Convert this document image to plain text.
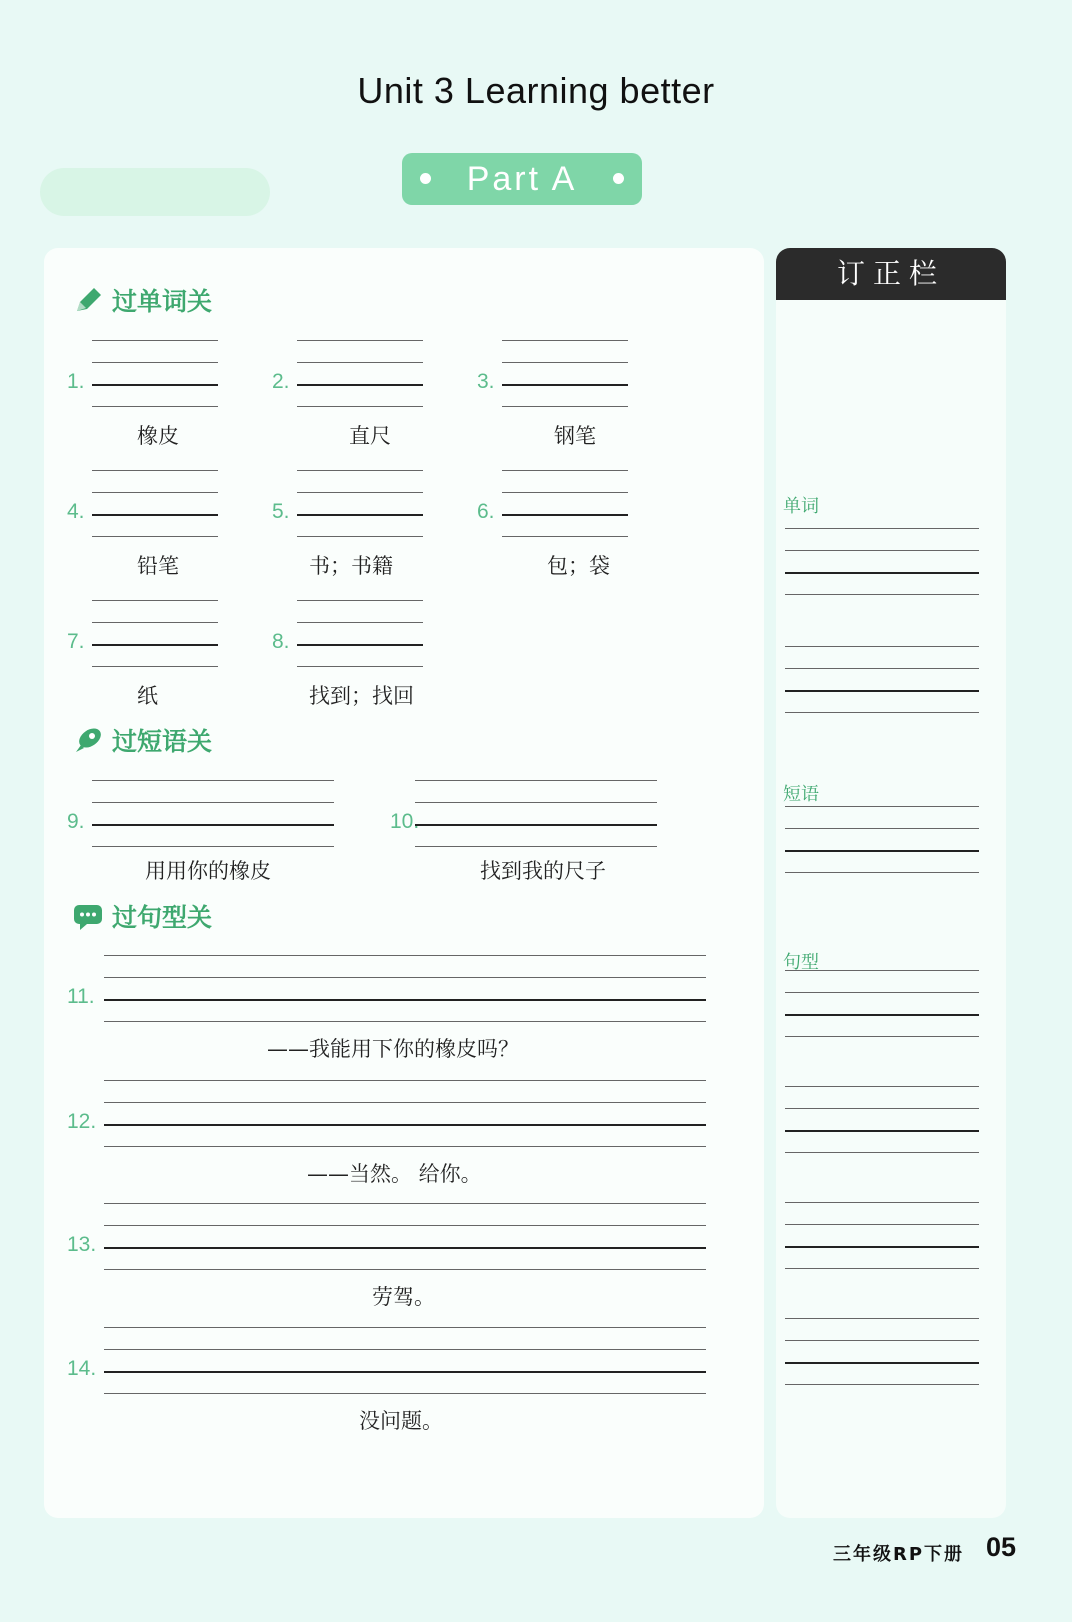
Unit 3 Learning better
Part A
过单词关
1.
橡皮
2.
直尺
3.
钢笔
4.
铅笔
5.
书；书籍
6.
包；袋
7.
纸
8.
找到；找回
过短语关
9.
用用你的橡皮
10.
找到我的尺子
过句型关
11.
——我能用下你的橡皮吗？
12.
——当然。 给你。
13.
劳驾。
14.
没问题。
订正栏
单词
短语
句型
三年级RP下册 05
